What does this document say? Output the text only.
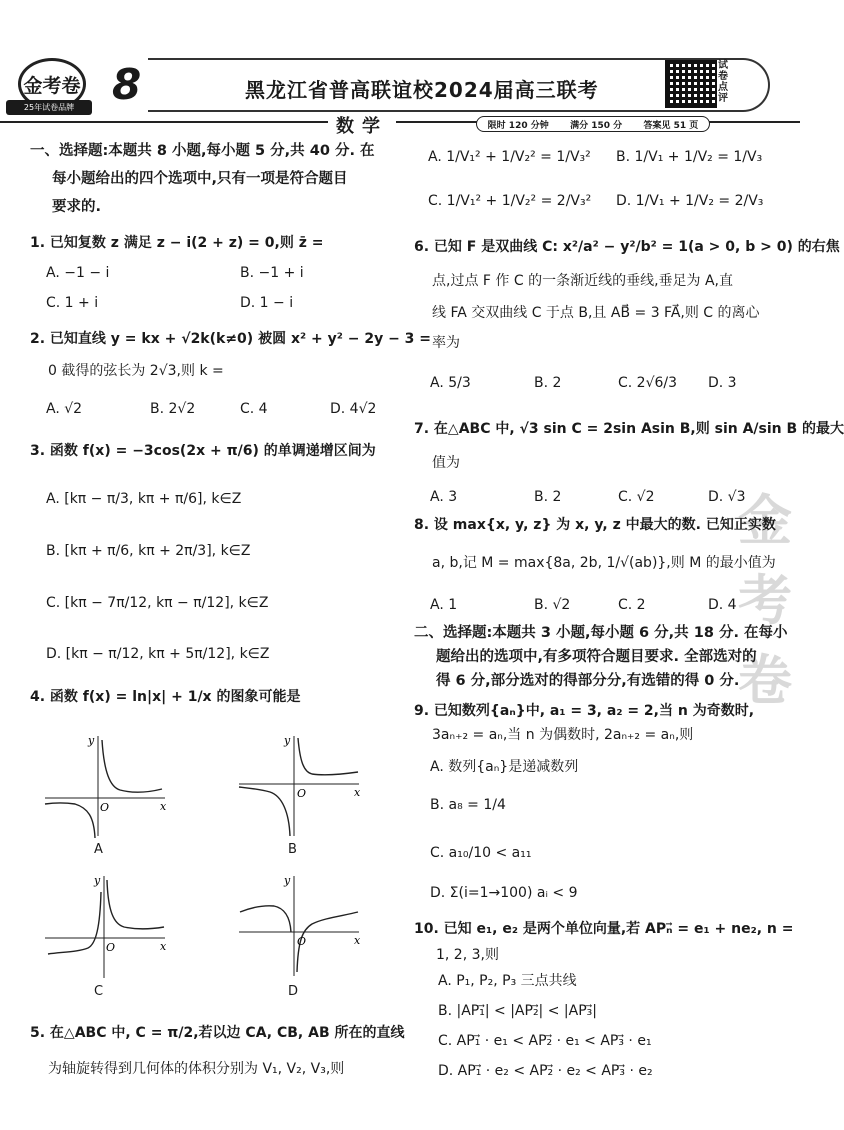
金考卷
25年试卷品牌 8	黑龙江省普高联谊校2024届高三联考
试卷点评
数学	限时 120 分钟 满分 150 分 答案见 51 页
金考卷
一、选择题:本题共 8 小题,每小题 5 分,共 40 分. 在
每小题给出的四个选项中,只有一项是符合题目
要求的.
1. 已知复数 z 满足 z − i(2 + z) = 0,则 z̄ =
A. −1 − i	B. −1 + i
C. 1 + i	D. 1 − i
2. 已知直线 y = kx + √2k(k≠0) 被圆 x² + y² − 2y − 3 =
0 截得的弦长为 2√3,则 k =
A. √2	B. 2√2	C. 4	D. 4√2
3. 函数 f(x) = −3cos(2x + π/6) 的单调递增区间为
A. [kπ − π/3, kπ + π/6], k∈Z
B. [kπ + π/6, kπ + 2π/3], k∈Z
C. [kπ − 7π/12, kπ − π/12], k∈Z
D. [kπ − π/12, kπ + 5π/12], k∈Z
4. 函数 f(x) = ln|x| + 1/x 的图象可能是
y
x
O
A
y
x
O
B
y
x
O
C
y
x
O
D
5. 在△ABC 中, C = π/2,若以边 CA, CB, AB 所在的直线
为轴旋转得到几何体的体积分别为 V₁, V₂, V₃,则
A. 1/V₁² + 1/V₂² = 1/V₃² B. 1/V₁ + 1/V₂ = 1/V₃
C. 1/V₁² + 1/V₂² = 2/V₃² D. 1/V₁ + 1/V₂ = 2/V₃
6. 已知 F 是双曲线 C: x²/a² − y²/b² = 1(a > 0, b > 0) 的右焦
点,过点 F 作 C 的一条渐近线的垂线,垂足为 A,直
线 FA 交双曲线 C 于点 B,且 AB⃗ = 3 FA⃗,则 C 的离心
率为
A. 5/3	B. 2	C. 2√6/3 D. 3
7. 在△ABC 中, √3 sin C = 2sin Asin B,则 sin A/sin B 的最大
值为
A. 3	B. 2	C. √2	D. √3
8. 设 max{x, y, z} 为 x, y, z 中最大的数. 已知正实数
a, b,记 M = max{8a, 2b, 1/√(ab)},则 M 的最小值为
A. 1	B. √2	C. 2	D. 4
二、选择题:本题共 3 小题,每小题 6 分,共 18 分. 在每小
题给出的选项中,有多项符合题目要求. 全部选对的
得 6 分,部分选对的得部分分,有选错的得 0 分.
9. 已知数列{aₙ}中, a₁ = 3, a₂ = 2,当 n 为奇数时,
3aₙ₊₂ = aₙ,当 n 为偶数时, 2aₙ₊₂ = aₙ,则
A. 数列{aₙ}是递减数列
B. a₈ = 1/4
C. a₁₀/10 < a₁₁
D. Σ(i=1→100) aᵢ < 9
10. 已知 e₁, e₂ 是两个单位向量,若 APₙ⃗ = e₁ + ne₂, n =
1, 2, 3,则
A. P₁, P₂, P₃ 三点共线
B. |AP₁⃗| < |AP₂⃗| < |AP₃⃗|
C. AP₁⃗ · e₁ < AP₂⃗ · e₁ < AP₃⃗ · e₁
D. AP₁⃗ · e₂ < AP₂⃗ · e₂ < AP₃⃗ · e₂
